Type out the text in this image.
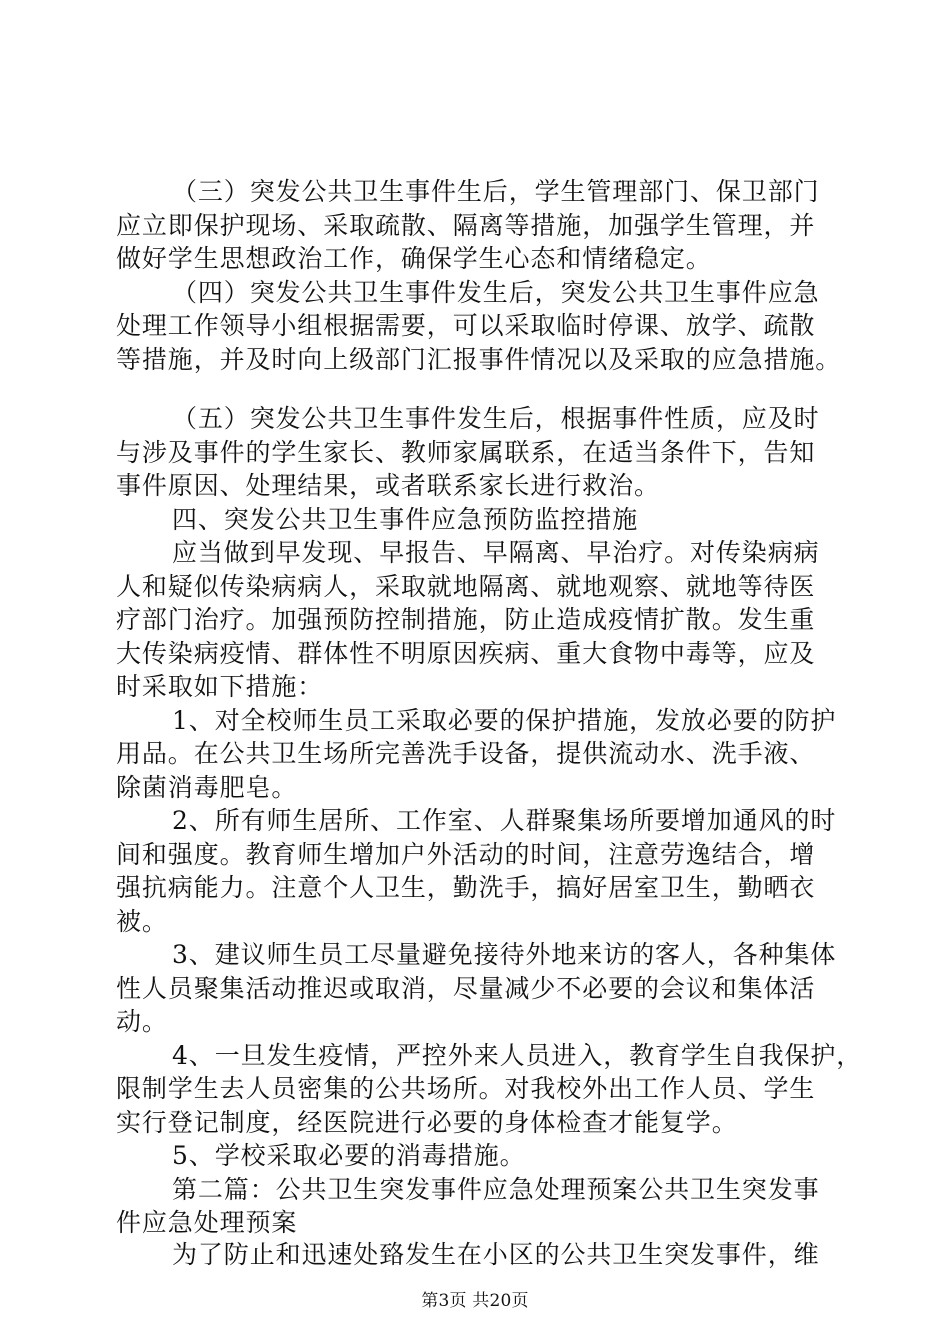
（三）突发公共卫生事件生后，学生管理部门、保卫部门
应立即保护现场、采取疏散、隔离等措施，加强学生管理，并
做好学生思想政治工作，确保学生心态和情绪稳定。
（四）突发公共卫生事件发生后，突发公共卫生事件应急
处理工作领导小组根据需要，可以采取临时停课、放学、疏散
等措施，并及时向上级部门汇报事件情况以及采取的应急措施。
（五）突发公共卫生事件发生后，根据事件性质，应及时
与涉及事件的学生家长、教师家属联系，在适当条件下，告知
事件原因、处理结果，或者联系家长进行救治。
四、突发公共卫生事件应急预防监控措施
应当做到早发现、早报告、早隔离、早治疗。对传染病病
人和疑似传染病病人，采取就地隔离、就地观察、就地等待医
疗部门治疗。加强预防控制措施，防止造成疫情扩散。发生重
大传染病疫情、群体性不明原因疾病、重大食物中毒等，应及
时采取如下措施：
1、对全校师生员工采取必要的保护措施，发放必要的防护
用品。在公共卫生场所完善洗手设备，提供流动水、洗手液、
除菌消毒肥皂。
2、所有师生居所、工作室、人群聚集场所要增加通风的时
间和强度。教育师生增加户外活动的时间，注意劳逸结合，增
强抗病能力。注意个人卫生，勤洗手，搞好居室卫生，勤晒衣
被。
3、建议师生员工尽量避免接待外地来访的客人，各种集体
性人员聚集活动推迟或取消，尽量减少不必要的会议和集体活
动。
4、一旦发生疫情，严控外来人员进入，教育学生自我保护，
限制学生去人员密集的公共场所。对我校外出工作人员、学生
实行登记制度，经医院进行必要的身体检查才能复学。
5、学校采取必要的消毒措施。
第二篇：公共卫生突发事件应急处理预案公共卫生突发事
件应急处理预案
为了防止和迅速处臵发生在小区的公共卫生突发事件，维
第3页 共20页
